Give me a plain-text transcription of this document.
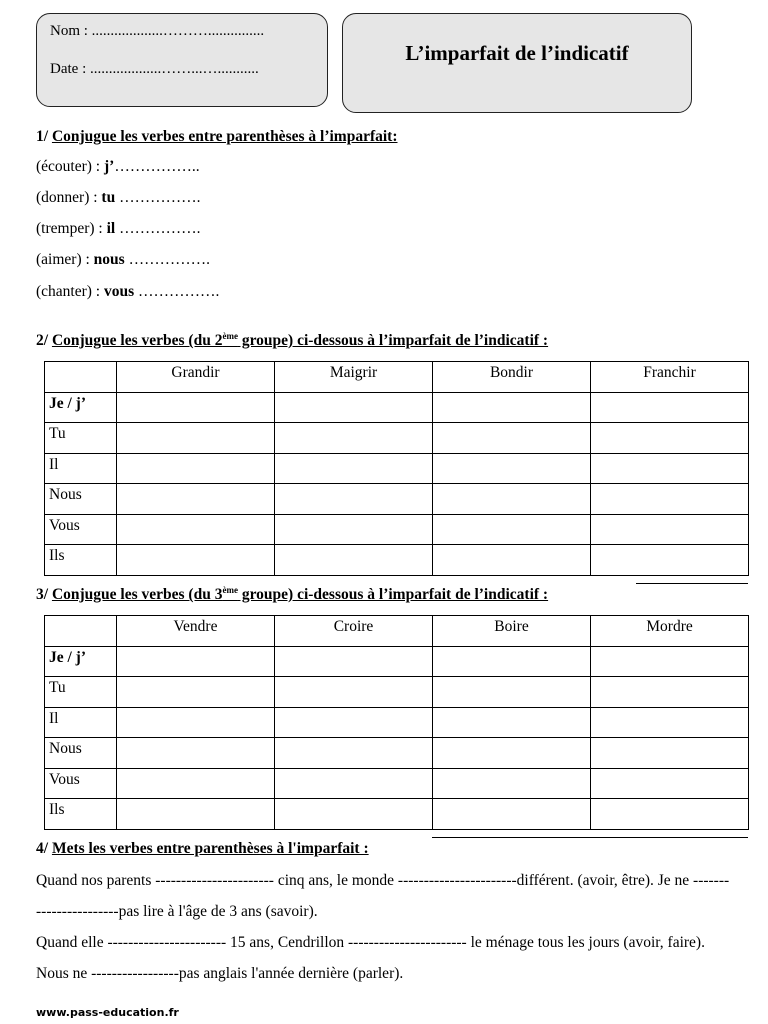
Nom : ...................………...............
Date : ...................……...…...........
L’imparfait de l’indicatif
1/ Conjugue les verbes entre parenthèses à l’imparfait:
(écouter) : j’……………..
(donner) : tu …………….
(tremper) : il …………….
(aimer) : nous …………….
(chanter) : vous …………….
2/ Conjugue les verbes (du 2ème groupe) ci-dessous à l’imparfait de l’indicatif :
	Grandir	Maigrir	Bondir	Franchir
Je / j’				
Tu				
Il				
Nous				
Vous				
Ils				
3/ Conjugue les verbes (du 3ème groupe) ci-dessous à l’imparfait de l’indicatif :
	Vendre	Croire	Boire	Mordre
Je / j’				
Tu				
Il				
Nous				
Vous				
Ils				
4/ Mets les verbes entre parenthèses à l'imparfait :
Quand nos parents ----------------------- cinq ans, le monde -----------------------différent. (avoir, être). Je ne -----------------------pas lire à l'âge de 3 ans (savoir).
Quand elle ----------------------- 15 ans, Cendrillon ----------------------- le ménage tous les jours (avoir, faire). Nous ne -----------------pas anglais l'année dernière (parler).
www.pass-education.fr
